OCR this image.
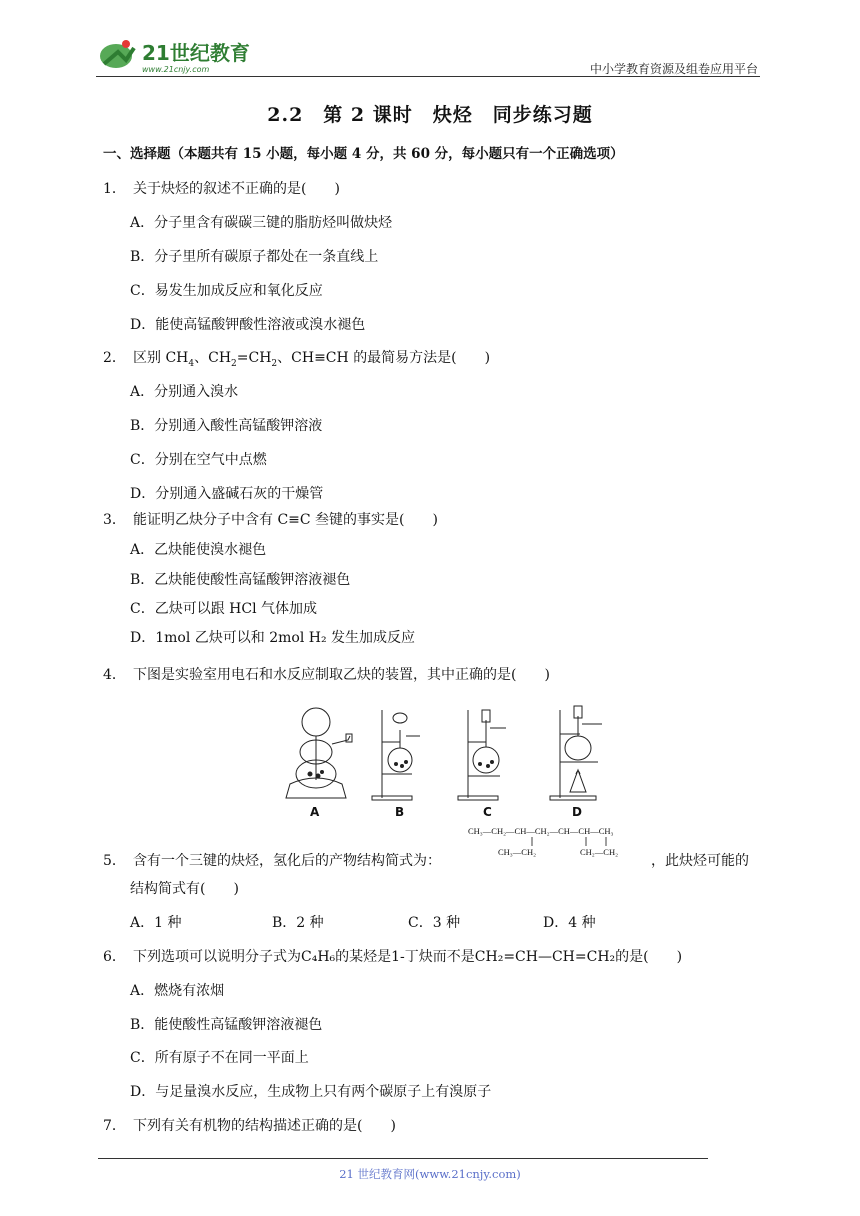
21世纪教育
www.21cnjy.com	中小学教育资源及组卷应用平台
2.2　第 2 课时　炔烃　同步练习题
一、选择题（本题共有 15 小题，每小题 4 分，共 60 分，每小题只有一个正确选项）
1． 关于炔烃的叙述不正确的是(　　)
A．分子里含有碳碳三键的脂肪烃叫做炔烃
B．分子里所有碳原子都处在一条直线上
C．易发生加成反应和氧化反应
D．能使高锰酸钾酸性溶液或溴水褪色
2． 区别 $CH_4$、$CH_2=CH_2$、CH≡CH 的最简易方法是(　　)
A．分别通入溴水
B．分别通入酸性高锰酸钾溶液
C．分别在空气中点燃
D．分别通入盛碱石灰的干燥管
3． 能证明乙炔分子中含有 C≡C 叁键的事实是(　　)
A．乙炔能使溴水褪色
B．乙炔能使酸性高锰酸钾溶液褪色
C．乙炔可以跟 HCl 气体加成
D．1mol 乙炔可以和 2mol H₂ 发生加成反应
4． 下图是实验室用电石和水反应制取乙炔的装置，其中正确的是(　　)
A	B	C	D
5． 含有一个三键的炔烃，氢化后的产物结构简式为：
CH₃—CH₂—CH—CH₂—CH—CH—CH₃
CH₃—CH₂	CH₂—CH₂
，此炔烃可能的
结构简式有(　　)
A．1 种	B．2 种	C．3 种	D．4 种
6． 下列选项可以说明分子式为C₄H₆的某烃是1-丁炔而不是CH₂=CH—CH=CH₂的是(　　)
A．燃烧有浓烟
B．能使酸性高锰酸钾溶液褪色
C．所有原子不在同一平面上
D．与足量溴水反应，生成物上只有两个碳原子上有溴原子
7． 下列有关有机物的结构描述正确的是(　　)
21 世纪教育网(www.21cnjy.com)
